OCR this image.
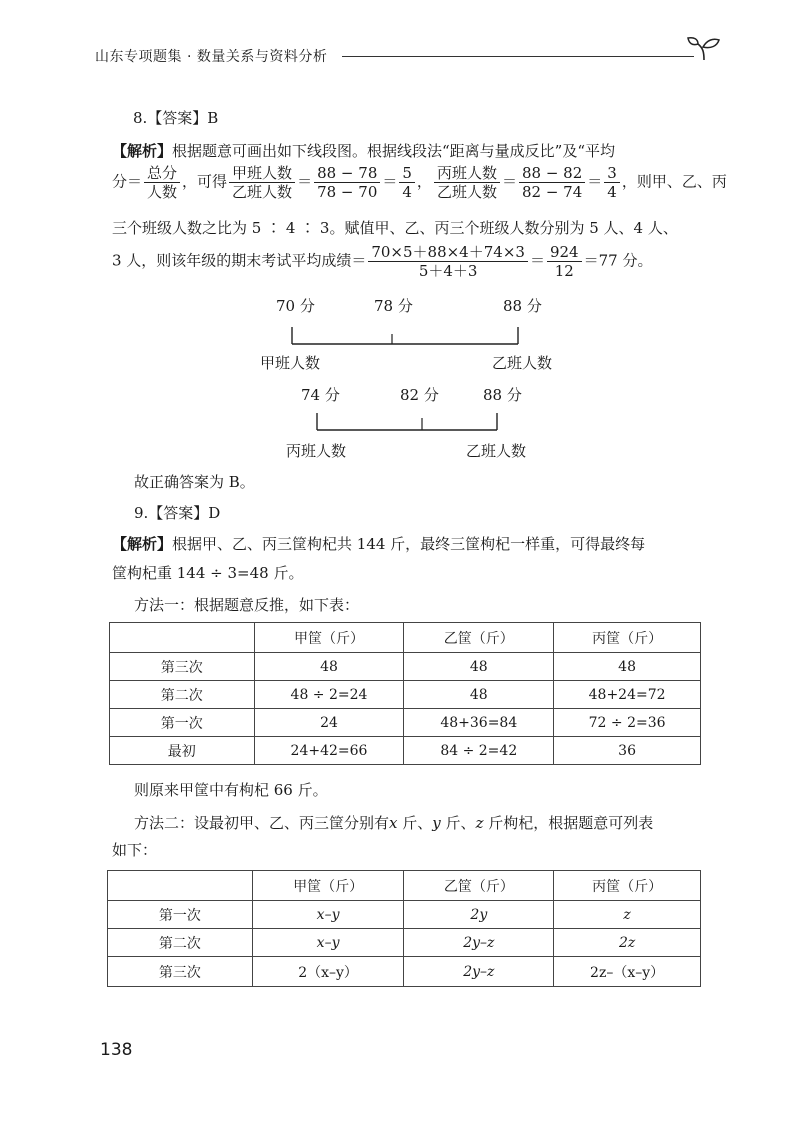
山东专项题集 · 数量关系与资料分析
8.【答案】B
【解析】根据题意可画出如下线段图。根据线段法“距离与量成反比”及“平均
分＝ $\frac{\text{总分}}{\text{人数}}$ ，可得 $\frac{\text{甲班人数}}{\text{乙班人数}} = \frac{88 - 78}{78 - 70} = \frac{5}{4}$ ， $\frac{\text{丙班人数}}{\text{乙班人数}} = \frac{88 - 82}{82 - 74} = \frac{3}{4}$ ，则甲、乙、丙
三个班级人数之比为 5 ∶ 4 ∶ 3。赋值甲、乙、丙三个班级人数分别为 5 人、4 人、
3 人，则该年级的期末考试平均成绩＝ $\frac{70\times 5+88\times 4+74\times 3}{5+4+3} = \frac{924}{12} =77$ 分。
70 分	78 分	88 分
甲班人数	乙班人数
74 分	82 分	88 分
丙班人数	乙班人数
故正确答案为 B。
9.【答案】D
【解析】根据甲、乙、丙三筐枸杞共 144 斤，最终三筐枸杞一样重，可得最终每
筐枸杞重 144 ÷ 3=48 斤。
方法一：根据题意反推，如下表：
	甲筐（斤）	乙筐（斤）	丙筐（斤）
第三次	48	48	48
第二次	48 ÷ 2=24	48	48+24=72
第一次	24	48+36=84	72 ÷ 2=36
最初	24+42=66	84 ÷ 2=42	36
则原来甲筐中有枸杞 66 斤。
方法二：设最初甲、乙、丙三筐分别有x 斤、y 斤、z 斤枸杞，根据题意可列表
如下：
	甲筐（斤）	乙筐（斤）	丙筐（斤）
第一次	x–y	2y	z
第二次	x–y	2y–z	2z
第三次	2（x–y）	2y–z	2z–（x–y）
138
